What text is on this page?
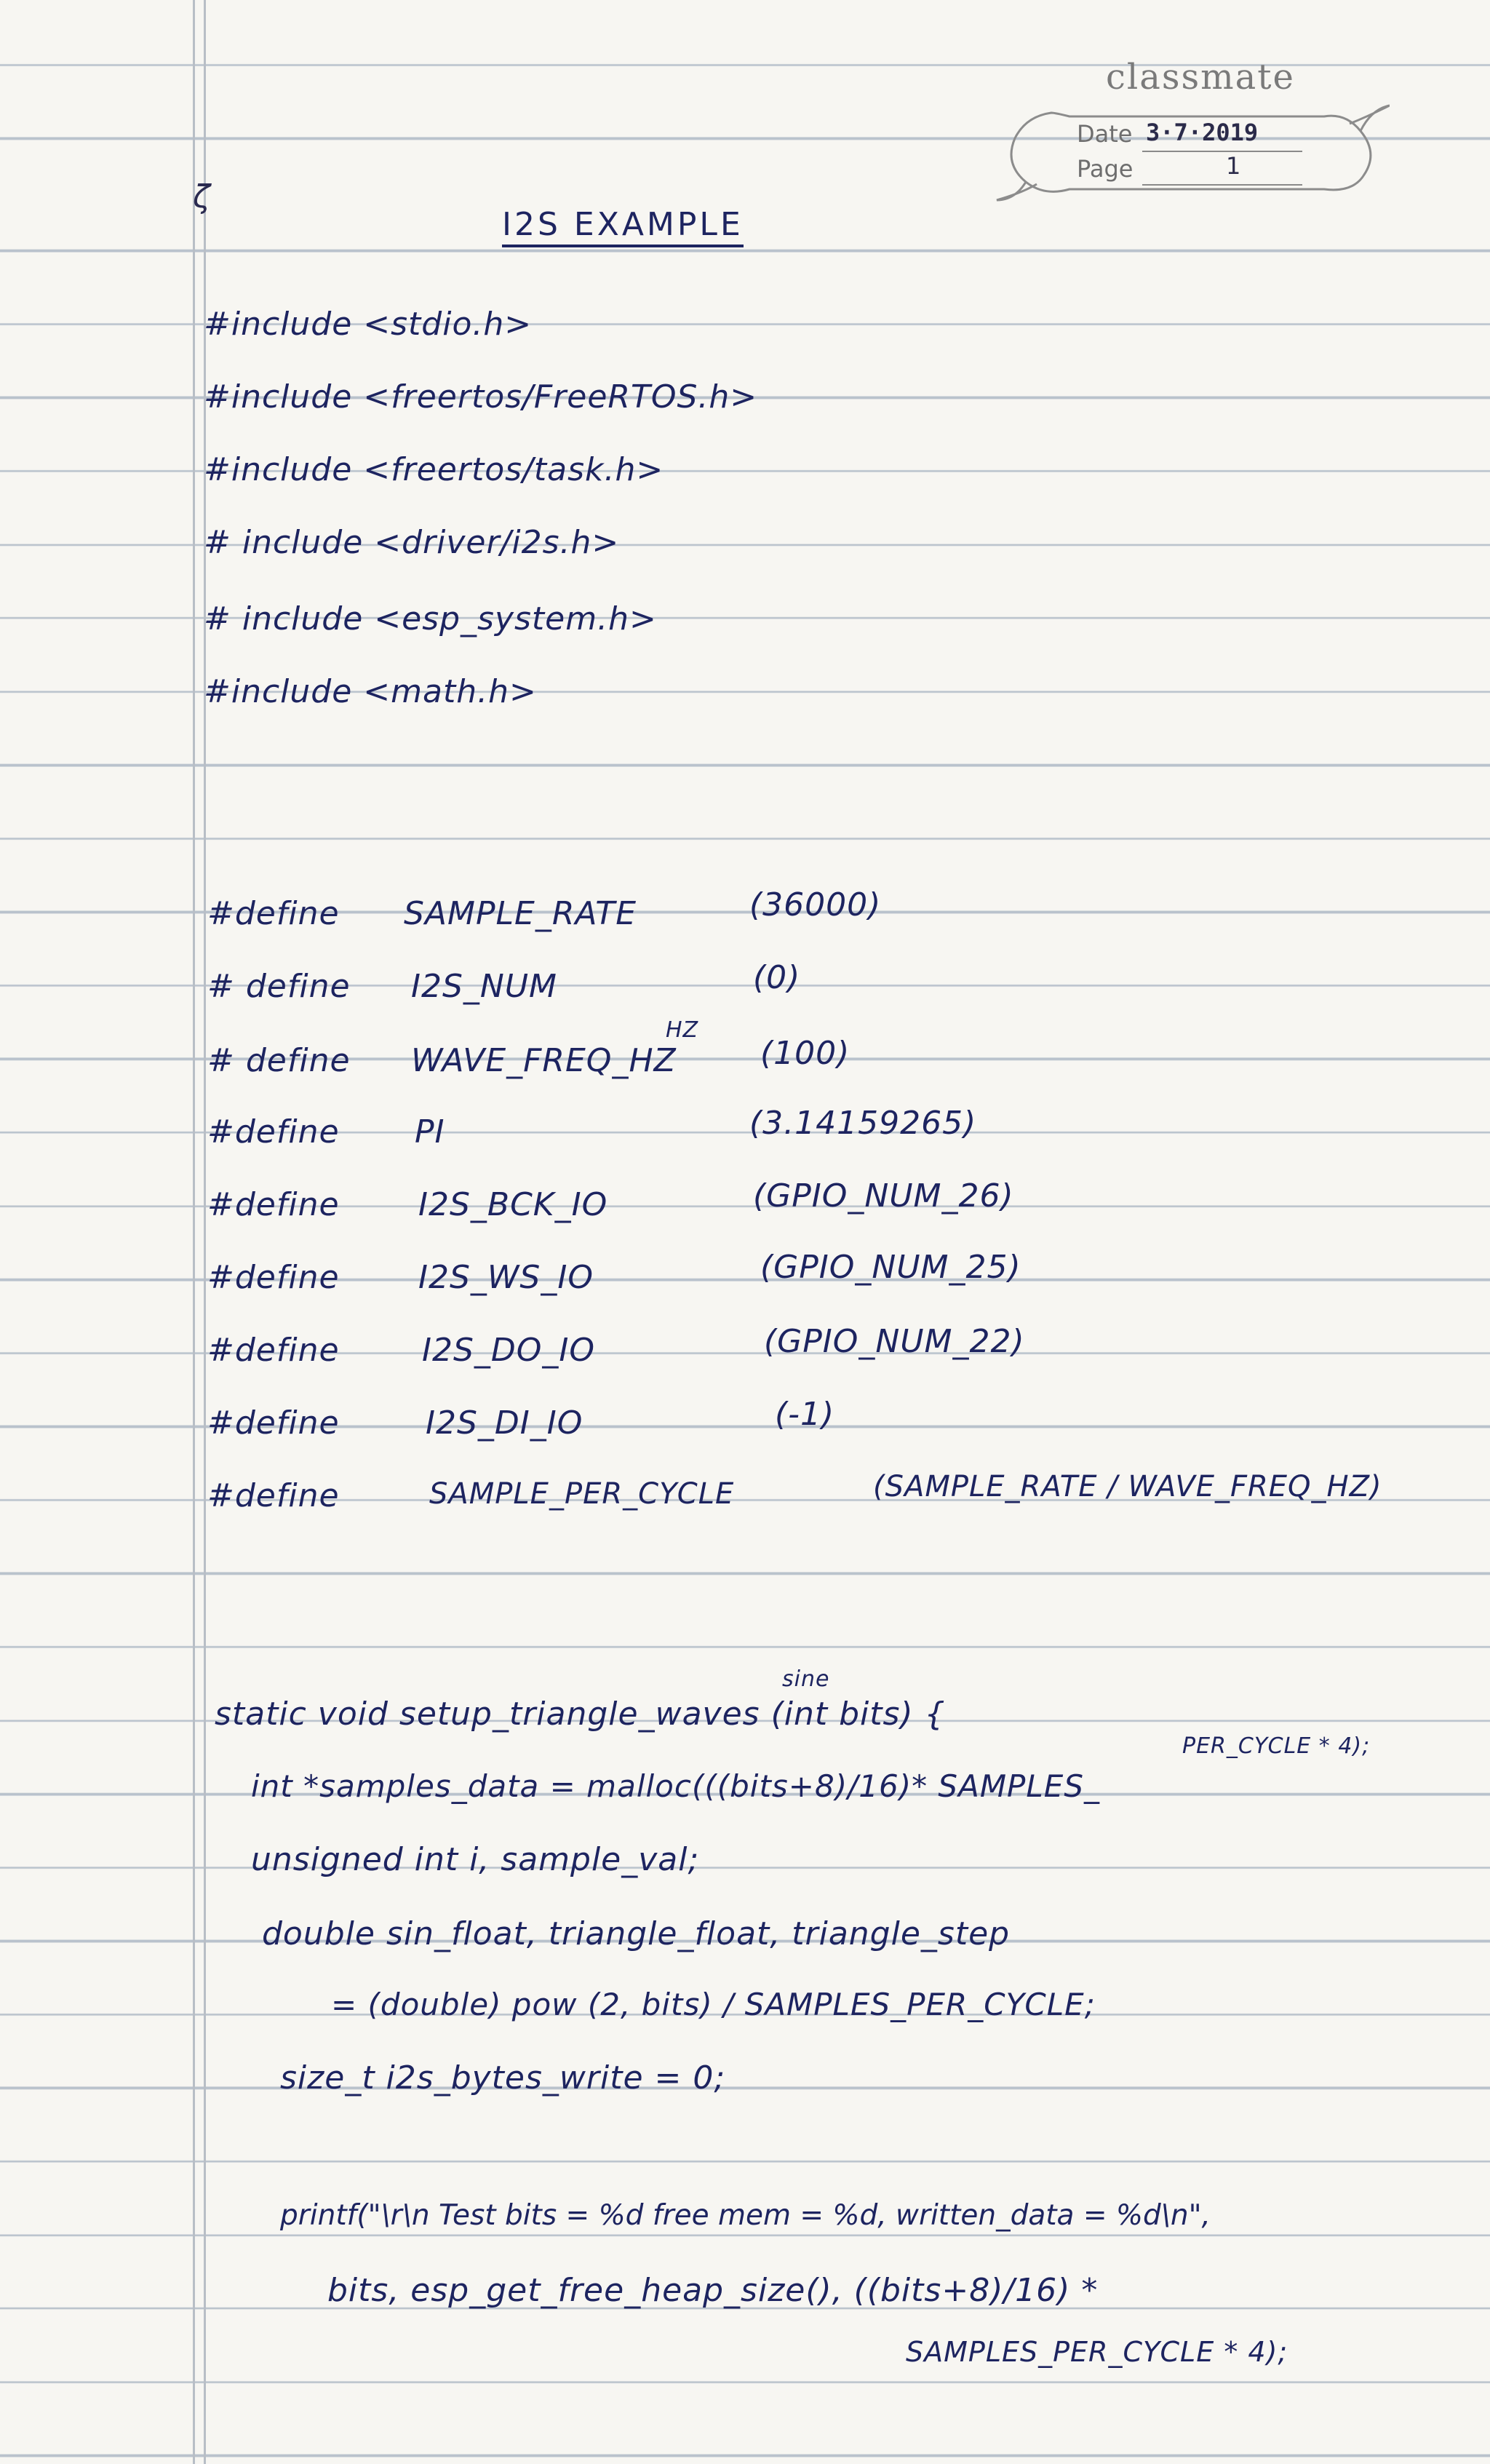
classmate
Date 3·7·2019
Page	1
ζ
I2S EXAMPLE
#include <stdio.h>
#include <freertos/FreeRTOS.h>
#include <freertos/task.h>
# include <driver/i2s.h>
# include <esp_system.h>
#include <math.h>
#define SAMPLE_RATE	(36000)
# define I2S_NUM	(0)
HZ
# define WAVE_FREQ_HZ	(100)
#define PI	(3.14159265)
#define I2S_BCK_IO	(GPIO_NUM_26)
#define I2S_WS_IO	(GPIO_NUM_25)
#define	I2S_DO_IO	(GPIO_NUM_22)
#define	I2S_DI_IO	(-1)
#define	SAMPLE_PER_CYCLE	(SAMPLE_RATE / WAVE_FREQ_HZ)
sine
static void setup_triangle_waves (int bits) {
PER_CYCLE * 4);
int *samples_data = malloc(((bits+8)/16)* SAMPLES_
unsigned int i, sample_val;
double sin_float, triangle_float, triangle_step
= (double) pow (2, bits) / SAMPLES_PER_CYCLE;
size_t i2s_bytes_write = 0;
printf("\r\n Test bits = %d free mem = %d, written_data = %d\n",
bits, esp_get_free_heap_size(), ((bits+8)/16) *
SAMPLES_PER_CYCLE * 4);
